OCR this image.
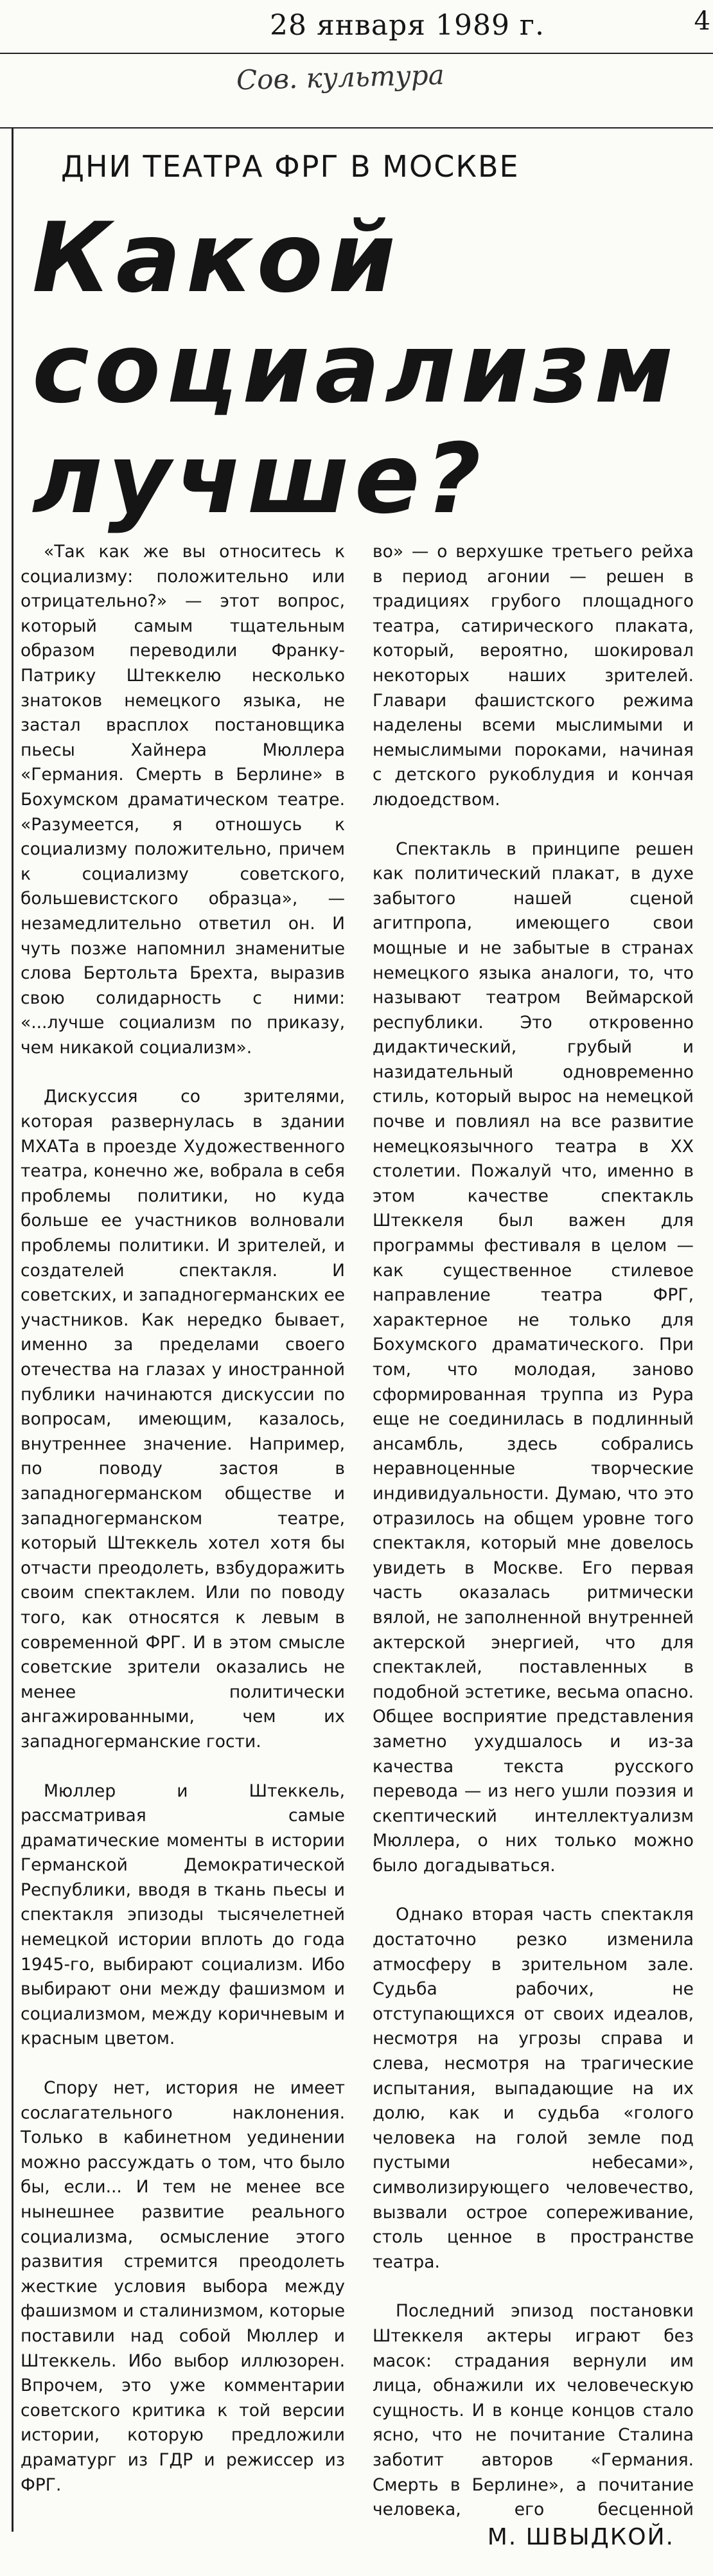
28 января 1989 г.	4
Сов. культура
ДНИ ТЕАТРА ФРГ В МОСКВЕ
Какой
социализм
лучше?

«Так как же вы относитесь к социализму: положительно или отрицательно?» — этот вопрос, который самым тщательным образом переводили Франку-Патрику Штеккелю несколько знатоков немецкого языка, не застал врасплох постановщика пьесы Хайнера Мюллера «Германия. Смерть в Берлине» в Бохумском драматическом театре. «Разумеется, я отношусь к социализму положительно, причем к социализму советского, большевистского образца», — незамедлительно ответил он. И чуть позже напомнил знаменитые слова Бертольта Брехта, выразив свою солидарность с ними: «...лучше социализм по приказу, чем никакой социализм».

Дискуссия со зрителями, которая развернулась в здании МХАТа в проезде Художественного театра, конечно же, вобрала в себя проблемы политики, но куда больше ее участников волновали проблемы политики. И зрителей, и создателей спектакля. И советских, и западногерманских ее участников. Как нередко бывает, именно за пределами своего отечества на глазах у иностранной публики начинаются дискуссии по вопросам, имеющим, казалось, внутреннее значение. Например, по поводу застоя в западногерманском обществе и западногерманском театре, который Штеккель хотел хотя бы отчасти преодолеть, взбудоражить своим спектаклем. Или по поводу того, как относятся к левым в современной ФРГ. И в этом смысле советские зрители оказались не менее политически ангажированными, чем их западногерманские гости.

Мюллер и Штеккель, рассматривая самые драматические моменты в истории Германской Демократической Республики, вводя в ткань пьесы и спектакля эпизоды тысячелетней немецкой истории вплоть до года 1945-го, выбирают социализм. Ибо выбирают они между фашизмом и социализмом, между коричневым и красным цветом.

Спору нет, история не имеет сослагательного наклонения. Только в кабинетном уединении можно рассуждать о том, что было бы, если... И тем не менее все нынешнее развитие реального социализма, осмысление этого развития стремится преодолеть жесткие условия выбора между фашизмом и сталинизмом, которые поставили над собой Мюллер и Штеккель. Ибо выбор иллюзорен. Впрочем, это уже комментарии советского критика к той версии истории, которую предложили драматург из ГДР и режиссер из ФРГ.

во» — о верхушке третьего рейха в период агонии — решен в традициях грубого площадного театра, сатирического плаката, который, вероятно, шокировал некоторых наших зрителей. Главари фашистского режима наделены всеми мыслимыми и немыслимыми пороками, начиная с детского рукоблудия и кончая людоедством.

Спектакль в принципе решен как политический плакат, в духе забытого нашей сценой агитпропа, имеющего свои мощные и не забытые в странах немецкого языка аналоги, то, что называют театром Веймарской республики. Это откровенно дидактический, грубый и назидательный одновременно стиль, который вырос на немецкой почве и повлиял на все развитие немецкоязычного театра в XX столетии. Пожалуй что, именно в этом качестве спектакль Штеккеля был важен для программы фестиваля в целом — как существенное стилевое направление театра ФРГ, характерное не только для Бохумского драматического. При том, что молодая, заново сформированная труппа из Рура еще не соединилась в подлинный ансамбль, здесь собрались неравноценные творческие индивидуальности. Думаю, что это отразилось на общем уровне того спектакля, который мне довелось увидеть в Москве. Его первая часть оказалась ритмически вялой, не заполненной внутренней актерской энергией, что для спектаклей, поставленных в подобной эстетике, весьма опасно. Общее восприятие представления заметно ухудшалось и из-за качества текста русского перевода — из него ушли поэзия и скептический интеллектуализм Мюллера, о них только можно было догадываться.

Однако вторая часть спектакля достаточно резко изменила атмосферу в зрительном зале. Судьба рабочих, не отступающихся от своих идеалов, несмотря на угрозы справа и слева, несмотря на трагические испытания, выпадающие на их долю, как и судьба «голого человека на голой земле под пустыми небесами», символизирующего человечество, вызвали острое сопереживание, столь ценное в пространстве театра.

Последний эпизод постановки Штеккеля актеры играют без масок: страдания вернули им лица, обнажили их человеческую сущность. И в конце концов стало ясно, что не почитание Сталина заботит авторов «Германия. Смерть в Берлине», а почитание человека, его бесценной

М. ШВЫДКОЙ.
